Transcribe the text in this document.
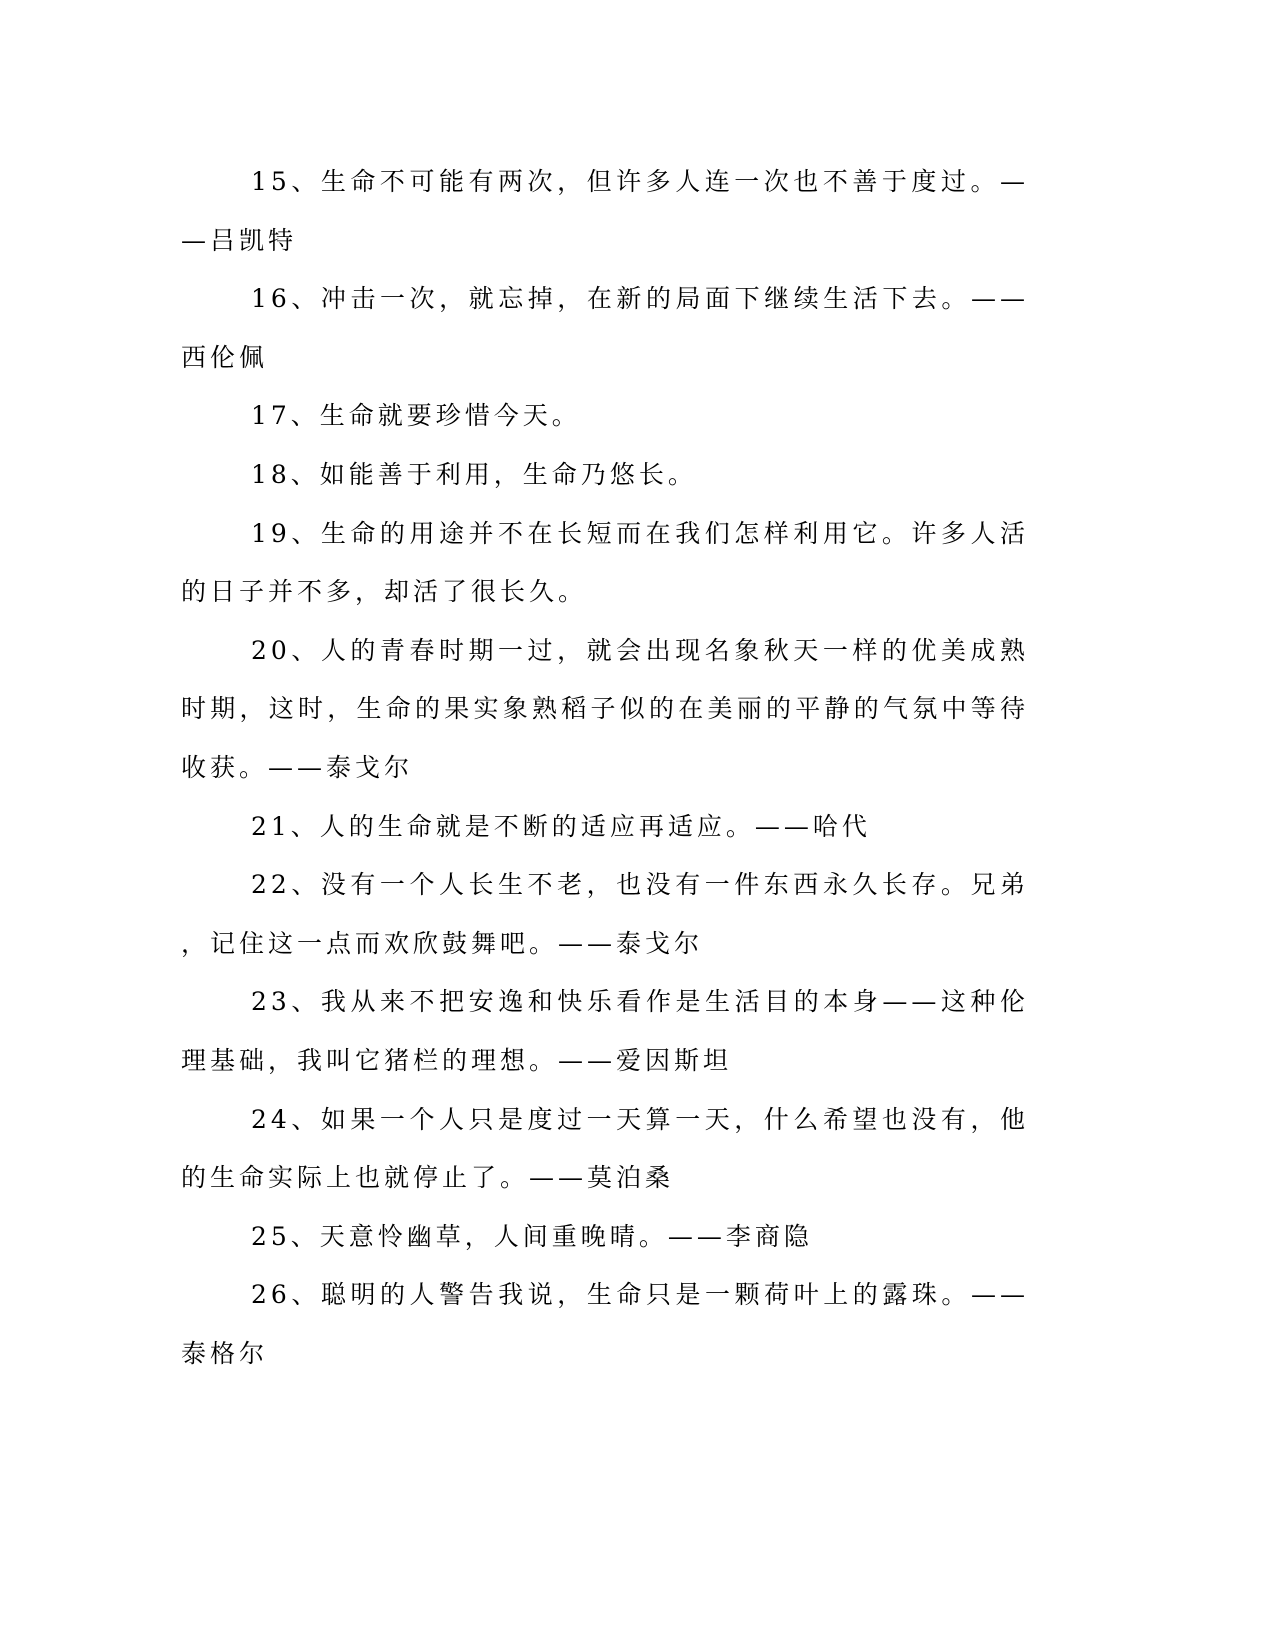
15、生命不可能有两次，但许多人连一次也不善于度过。——吕凯特

16、冲击一次，就忘掉，在新的局面下继续生活下去。——西伦佩

17、生命就要珍惜今天。

18、如能善于利用，生命乃悠长。

19、生命的用途并不在长短而在我们怎样利用它。许多人活的日子并不多，却活了很长久。

20、人的青春时期一过，就会出现名象秋天一样的优美成熟时期，这时，生命的果实象熟稻子似的在美丽的平静的气氛中等待收获。——泰戈尔

21、人的生命就是不断的适应再适应。——哈代

22、没有一个人长生不老，也没有一件东西永久长存。兄弟，记住这一点而欢欣鼓舞吧。——泰戈尔

23、我从来不把安逸和快乐看作是生活目的本身——这种伦理基础，我叫它猪栏的理想。——爱因斯坦

24、如果一个人只是度过一天算一天，什么希望也没有，他的生命实际上也就停止了。——莫泊桑

25、天意怜幽草，人间重晚晴。——李商隐

26、聪明的人警告我说，生命只是一颗荷叶上的露珠。——泰格尔
